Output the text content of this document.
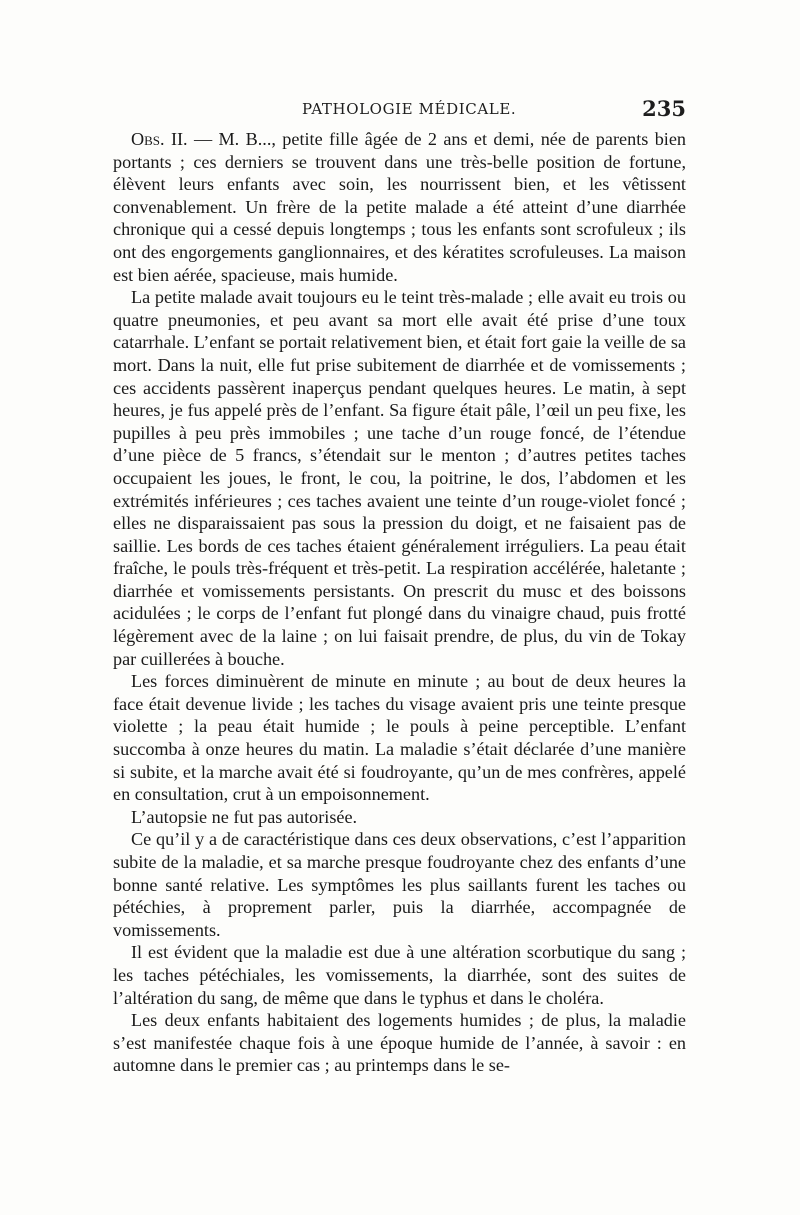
PATHOLOGIE MÉDICALE.	235

Obs. II. — M. B..., petite fille âgée de 2 ans et demi, née de parents bien portants ; ces derniers se trouvent dans une très-belle position de fortune, élèvent leurs enfants avec soin, les nourrissent bien, et les vêtissent convenablement. Un frère de la petite malade a été atteint d’une diarrhée chronique qui a cessé depuis longtemps ; tous les enfants sont scrofuleux ; ils ont des engorgements ganglionnaires, et des kératites scrofuleuses. La maison est bien aérée, spacieuse, mais humide.

La petite malade avait toujours eu le teint très-malade ; elle avait eu trois ou quatre pneumonies, et peu avant sa mort elle avait été prise d’une toux catarrhale. L’enfant se portait relativement bien, et était fort gaie la veille de sa mort. Dans la nuit, elle fut prise subitement de diarrhée et de vomissements ; ces accidents passèrent inaperçus pendant quelques heures. Le matin, à sept heures, je fus appelé près de l’enfant. Sa figure était pâle, l’œil un peu fixe, les pupilles à peu près immobiles ; une tache d’un rouge foncé, de l’étendue d’une pièce de 5 francs, s’étendait sur le menton ; d’autres petites taches occupaient les joues, le front, le cou, la poitrine, le dos, l’abdomen et les extrémités inférieures ; ces taches avaient une teinte d’un rouge-violet foncé ; elles ne disparaissaient pas sous la pression du doigt, et ne faisaient pas de saillie. Les bords de ces taches étaient généralement irréguliers. La peau était fraîche, le pouls très-fréquent et très-petit. La respiration accélérée, haletante ; diarrhée et vomissements persistants. On prescrit du musc et des boissons acidulées ; le corps de l’enfant fut plongé dans du vinaigre chaud, puis frotté légèrement avec de la laine ; on lui faisait prendre, de plus, du vin de Tokay par cuillerées à bouche.

Les forces diminuèrent de minute en minute ; au bout de deux heures la face était devenue livide ; les taches du visage avaient pris une teinte presque violette ; la peau était humide ; le pouls à peine perceptible. L’enfant succomba à onze heures du matin. La maladie s’était déclarée d’une manière si subite, et la marche avait été si foudroyante, qu’un de mes confrères, appelé en consultation, crut à un empoisonnement.

L’autopsie ne fut pas autorisée.

Ce qu’il y a de caractéristique dans ces deux observations, c’est l’apparition subite de la maladie, et sa marche presque foudroyante chez des enfants d’une bonne santé relative. Les symptômes les plus saillants furent les taches ou pétéchies, à proprement parler, puis la diarrhée, accompagnée de vomissements.

Il est évident que la maladie est due à une altération scorbutique du sang ; les taches pétéchiales, les vomissements, la diarrhée, sont des suites de l’altération du sang, de même que dans le typhus et dans le choléra.

Les deux enfants habitaient des logements humides ; de plus, la maladie s’est manifestée chaque fois à une époque humide de l’année, à savoir : en automne dans le premier cas ; au printemps dans le se-
